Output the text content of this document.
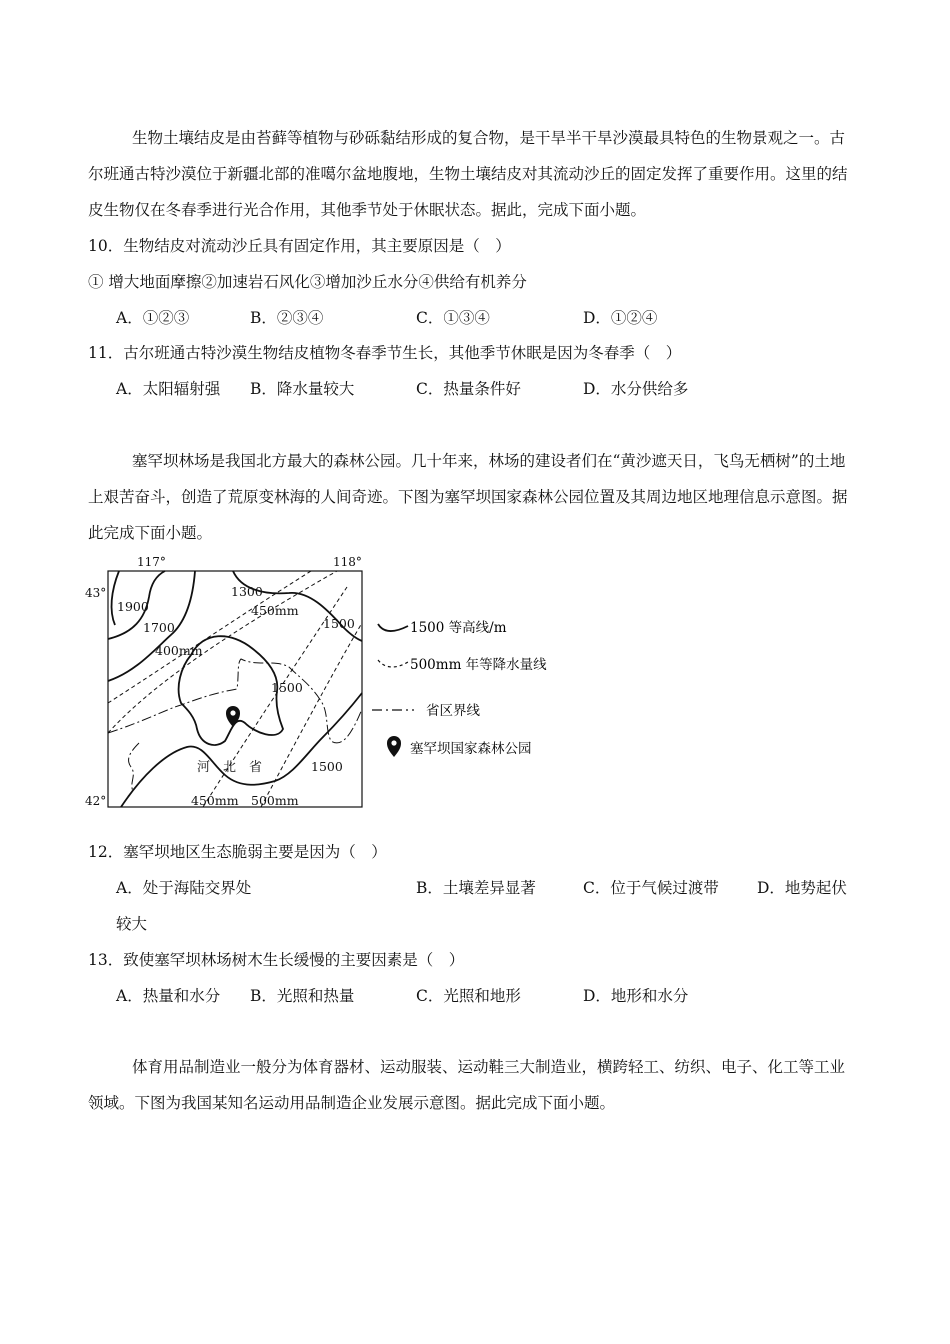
生物土壤结皮是由苔藓等植物与砂砾黏结形成的复合物，是干旱半干旱沙漠最具特色的生物景观之一。古尔班通古特沙漠位于新疆北部的准噶尔盆地腹地，生物土壤结皮对其流动沙丘的固定发挥了重要作用。这里的结皮生物仅在冬春季进行光合作用，其他季节处于休眠状态。据此，完成下面小题。
10．生物结皮对流动沙丘具有固定作用，其主要原因是（　）
① 增大地面摩擦②加速岩石风化③增加沙丘水分④供给有机养分
A．①②③	B．②③④	C．①③④	D．①②④
11．古尔班通古特沙漠生物结皮植物冬春季节生长，其他季节休眠是因为冬春季（　）
A．太阳辐射强 B．降水量较大	C．热量条件好	D．水分供给多
塞罕坝林场是我国北方最大的森林公园。几十年来，林场的建设者们在“黄沙遮天日，飞鸟无栖树”的土地上艰苦奋斗，创造了荒原变林海的人间奇迹。下图为塞罕坝国家森林公园位置及其周边地区地理信息示意图。据此完成下面小题。
117°	118°
43°
42°
1900
1700
1300
1500
1500
1500
450mm
400mm
450mm 500mm
河　北　省
1500 等高线/m
500mm 年等降水量线
省区界线
塞罕坝国家森林公园
12．塞罕坝地区生态脆弱主要是因为（　）
A．处于海陆交界处	B．土壤差异显著	C．位于气候过渡带 D．地势起伏
较大
13．致使塞罕坝林场树木生长缓慢的主要因素是（　）
A．热量和水分 B．光照和热量	C．光照和地形	D．地形和水分
体育用品制造业一般分为体育器材、运动服装、运动鞋三大制造业，横跨轻工、纺织、电子、化工等工业领域。下图为我国某知名运动用品制造企业发展示意图。据此完成下面小题。
